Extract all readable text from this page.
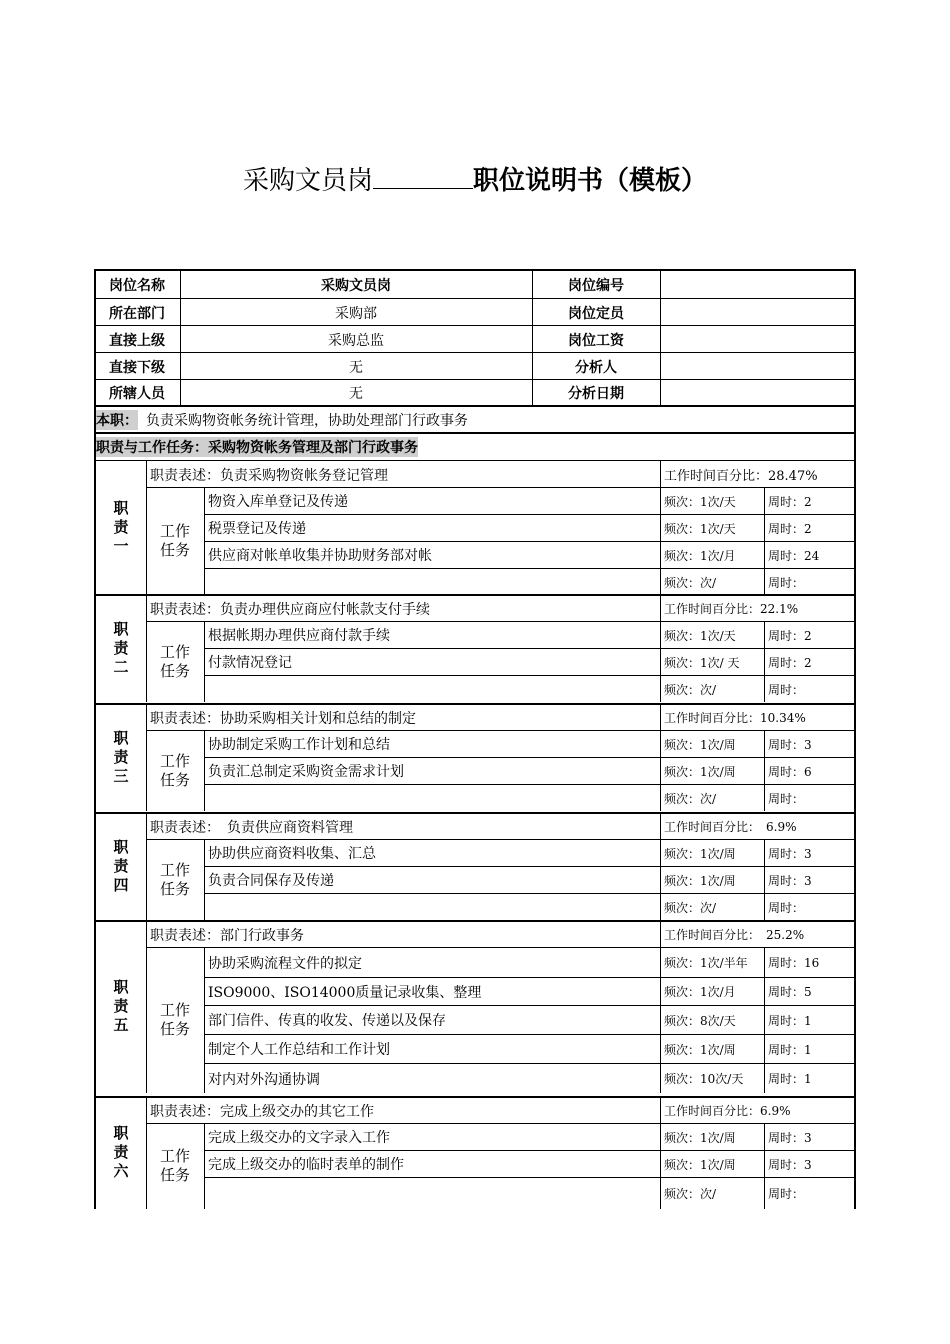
采购文员岗	职位说明书（模板）
岗位名称	采购文员岗	岗位编号
所在部门	采购部	岗位定员
直接上级	采购总监	岗位工资
直接下级	无	分析人
所辖人员	无	分析日期
本职： 负责采购物资帐务统计管理，协助处理部门行政事务
职责与工作任务：采购物资帐务管理及部门行政事务
职责表述：负责采购物资帐务登记管理	工作时间百分比：28.47%
物资入库单登记及传递	频次：1次/天	周时：2
税票登记及传递	频次：1次/天	周时：2
供应商对帐单收集并协助财务部对帐	频次：1次/月	周时：24
频次：次/	周时：
职
责
一
工作
任务
职责表述：负责办理供应商应付帐款支付手续	工作时间百分比：22.1%
根据帐期办理供应商付款手续	频次：1次/天	周时：2
付款情况登记	频次：1次/ 天	周时：2
频次：次/	周时：
职
责
二
工作
任务
职责表述：协助采购相关计划和总结的制定	工作时间百分比：10.34%
协助制定采购工作计划和总结	频次：1次/周	周时：3
负责汇总制定采购资金需求计划	频次：1次/周	周时：6
频次：次/	周时：
职
责
三
工作
任务
职责表述：　负责供应商资料管理	工作时间百分比：　6.9%
协助供应商资料收集、汇总	频次：1次/周	周时：3
负责合同保存及传递	频次：1次/周	周时：3
频次：次/	周时：
职
责
四
工作
任务
职责表述：部门行政事务	工作时间百分比：　25.2%
协助采购流程文件的拟定	频次：1次/半年	周时：16
ISO9000、ISO14000质量记录收集、整理	频次：1次/月	周时：5
部门信件、传真的收发、传递以及保存	频次：8次/天	周时：1
制定个人工作总结和工作计划	频次：1次/周	周时：1
对内对外沟通协调	频次：10次/天	周时：1
职
责
五
工作
任务
职责表述：完成上级交办的其它工作	工作时间百分比：6.9%
完成上级交办的文字录入工作	频次：1次/周	周时：3
完成上级交办的临时表单的制作	频次：1次/周	周时：3
频次：次/	周时：
职
责
六
工作
任务
